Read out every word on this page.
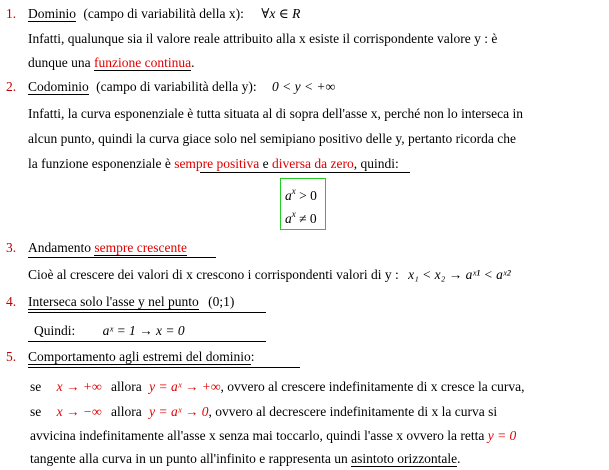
1. Dominio (campo di variabilità della x): ∀x ∈ R
Infatti, qualunque sia il valore reale attribuito alla x esiste il corrispondente valore y : è
dunque una funzione continua.
2. Codominio (campo di variabilità della y): 0 < y < +∞
Infatti, la curva esponenziale è tutta situata al di sopra dell'asse x, perché non lo interseca in
alcun punto, quindi la curva giace solo nel semipiano positivo delle y, pertanto ricorda che
la funzione esponenziale è sempre positiva e diversa da zero, quindi:
$a^x > 0$
$a^x \ne 0$
3. Andamento sempre crescente
Cioè al crescere dei valori di x crescono i corrispondenti valori di y : x₁ < x₂ → aˣ¹ < aˣ²
4. Interseca solo l'asse y nel punto (0;1)
Quindi: aˣ = 1 → x = 0
5. Comportamento agli estremi del dominio:
se x → +∞ allora y = aˣ → +∞, ovvero al crescere indefinitamente di x cresce la curva,
se x → −∞ allora y = aˣ → 0, ovvero al decrescere indefinitamente di x la curva si
avvicina indefinitamente all'asse x senza mai toccarlo, quindi l'asse x ovvero la retta y = 0
tangente alla curva in un punto all'infinito e rappresenta un asintoto orizzontale.
